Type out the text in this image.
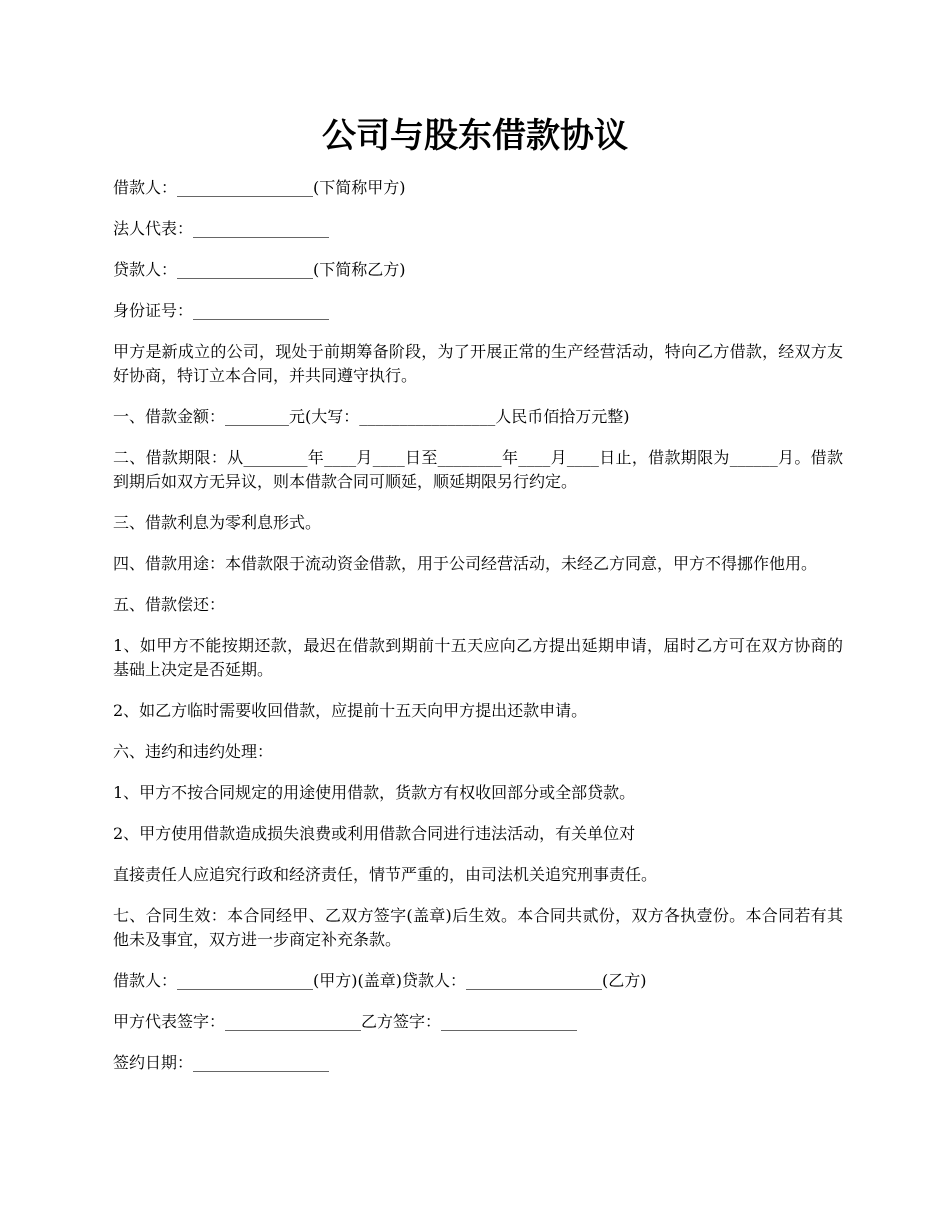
公司与股东借款协议

借款人：_________________(下简称甲方)

法人代表：_________________

贷款人：_________________(下简称乙方)

身份证号：_________________

甲方是新成立的公司，现处于前期筹备阶段，为了开展正常的生产经营活动，特向乙方借款，经双方友好协商，特订立本合同，并共同遵守执行。

一、借款金额：________元(大写：_________________人民币佰拾万元整)

二、借款期限：从________年____月____日至________年____月____日止，借款期限为______月。借款到期后如双方无异议，则本借款合同可顺延，顺延期限另行约定。

三、借款利息为零利息形式。

四、借款用途：本借款限于流动资金借款，用于公司经营活动，未经乙方同意，甲方不得挪作他用。

五、借款偿还：

1、如甲方不能按期还款，最迟在借款到期前十五天应向乙方提出延期申请，届时乙方可在双方协商的基础上决定是否延期。

2、如乙方临时需要收回借款，应提前十五天向甲方提出还款申请。

六、违约和违约处理：

1、甲方不按合同规定的用途使用借款，货款方有权收回部分或全部贷款。

2、甲方使用借款造成损失浪费或利用借款合同进行违法活动，有关单位对

直接责任人应追究行政和经济责任，情节严重的，由司法机关追究刑事责任。

七、合同生效：本合同经甲、乙双方签字(盖章)后生效。本合同共贰份，双方各执壹份。本合同若有其他未及事宜，双方进一步商定补充条款。

借款人：_________________(甲方)(盖章)贷款人：_________________(乙方)

甲方代表签字：_________________乙方签字：_________________

签约日期：_________________
